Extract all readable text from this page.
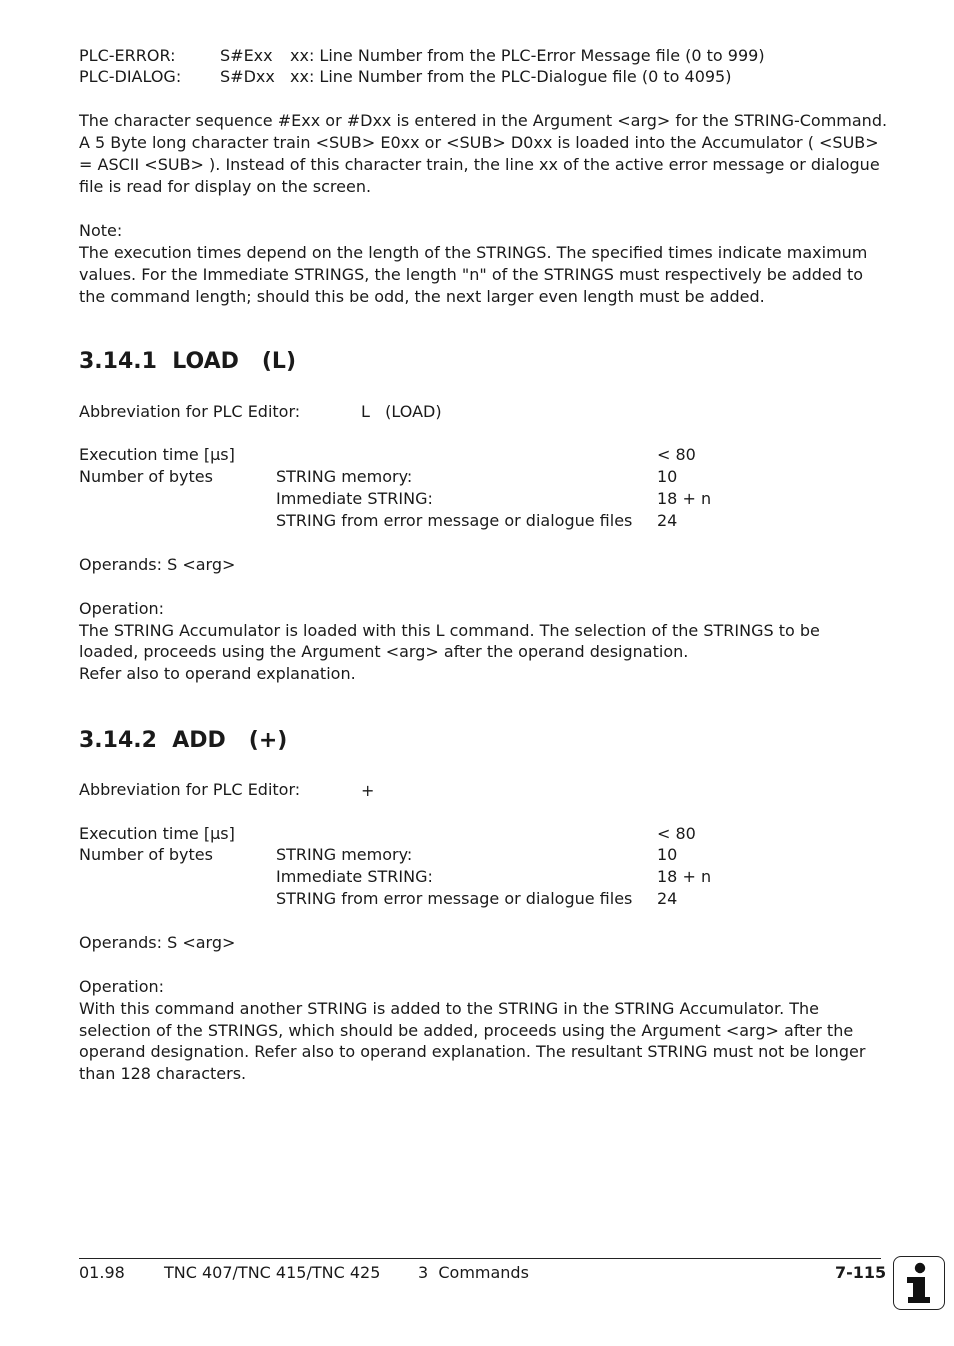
PLC-ERROR:	S#Exx xx: Line Number from the PLC-Error Message file (0 to 999)
PLC-DIALOG: S#Dxx xx: Line Number from the PLC-Dialogue file (0 to 4095)
The character sequence #Exx or #Dxx is entered in the Argument <arg> for the STRING-Command.
A 5 Byte long character train <SUB> E0xx or <SUB> D0xx is loaded into the Accumulator ( <SUB>
= ASCII <SUB> ). Instead of this character train, the line xx of the active error message or dialogue
file is read for display on the screen.
Note:
The execution times depend on the length of the STRINGS. The specified times indicate maximum
values. For the Immediate STRINGS, the length "n" of the STRINGS must respectively be added to
the command length; should this be odd, the next larger even length must be added.
3.14.1  LOAD   (L)
Abbreviation for PLC Editor:	L   (LOAD)
Execution time [µs]	< 80
Number of bytes	STRING memory:	10
Immediate STRING:	18 + n
STRING from error message or dialogue files 24
Operands: S <arg>
Operation:
The STRING Accumulator is loaded with this L command. The selection of the STRINGS to be
loaded, proceeds using the Argument <arg> after the operand designation.
Refer also to operand explanation.
3.14.2  ADD   (+)
Abbreviation for PLC Editor:	+
Execution time [µs]	< 80
Number of bytes	STRING memory:	10
Immediate STRING:	18 + n
STRING from error message or dialogue files 24
Operands: S <arg>
Operation:
With this command another STRING is added to the STRING in the STRING Accumulator. The
selection of the STRINGS, which should be added, proceeds using the Argument <arg> after the
operand designation. Refer also to operand explanation. The resultant STRING must not be longer
than 128 characters.
01.98 TNC 407/TNC 415/TNC 425 3  Commands	7-115
